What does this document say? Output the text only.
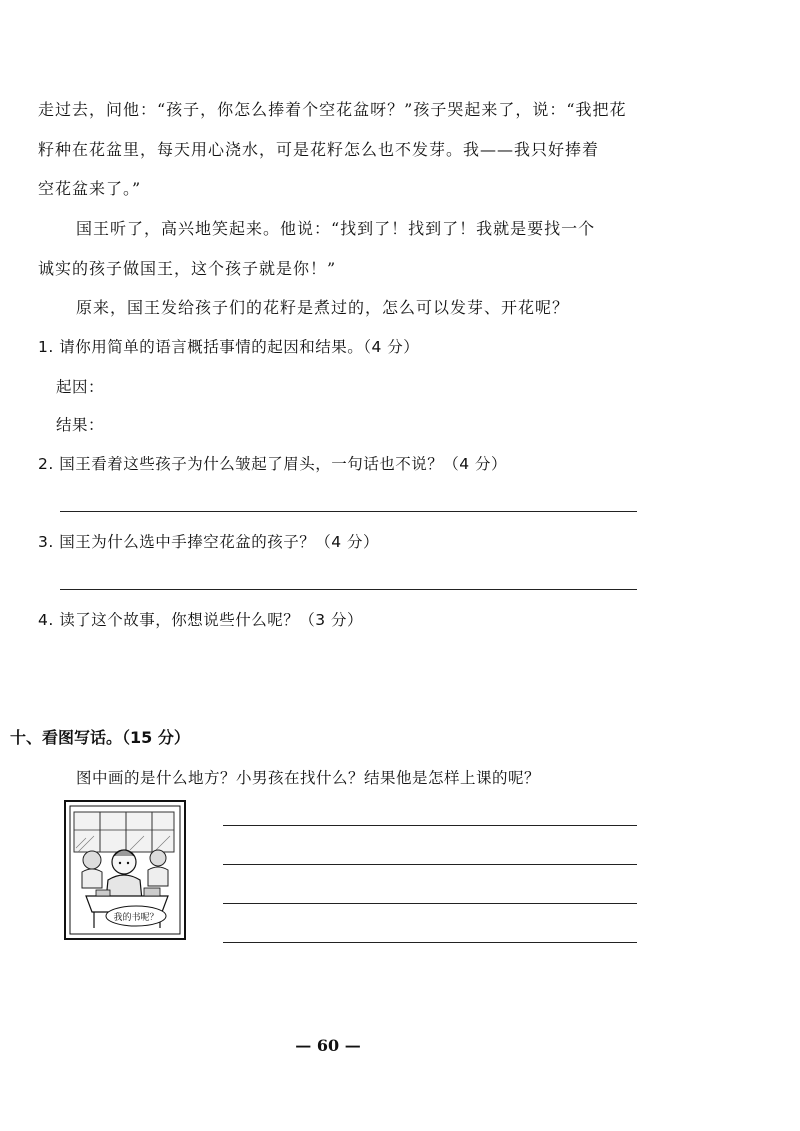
走过去，问他：“孩子，你怎么捧着个空花盆呀？”孩子哭起来了，说：“我把花
籽种在花盆里，每天用心浇水，可是花籽怎么也不发芽。我——我只好捧着
空花盆来了。”
国王听了，高兴地笑起来。他说：“找到了！找到了！我就是要找一个
诚实的孩子做国王，这个孩子就是你！”
原来，国王发给孩子们的花籽是煮过的，怎么可以发芽、开花呢？
1. 请你用简单的语言概括事情的起因和结果。（4 分）
起因：
结果：
2. 国王看着这些孩子为什么皱起了眉头，一句话也不说？（4 分）
3. 国王为什么选中手捧空花盆的孩子？（4 分）
4. 读了这个故事，你想说些什么呢？（3 分）
十、看图写话。（15 分）
图中画的是什么地方？小男孩在找什么？结果他是怎样上课的呢？
我的书呢？
— 60 —
